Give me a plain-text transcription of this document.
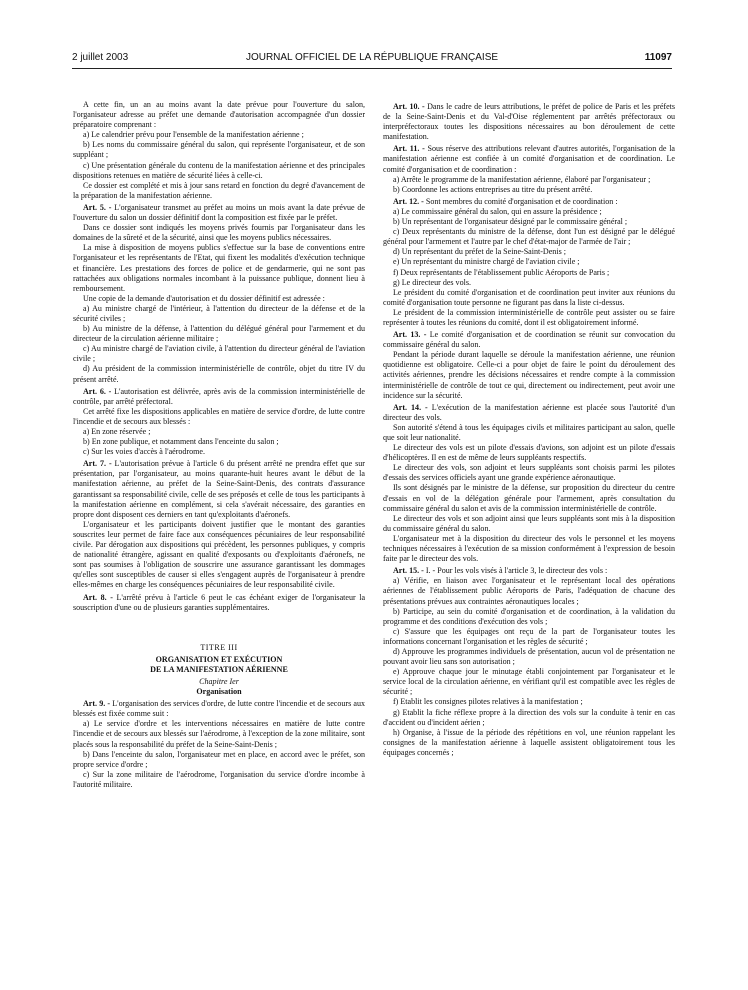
2 juillet 2003	JOURNAL OFFICIEL DE LA RÉPUBLIQUE FRANÇAISE	11097

A cette fin, un an au moins avant la date prévue pour l'ouverture du salon, l'organisateur adresse au préfet une demande d'autorisation accompagnée d'un dossier préparatoire comprenant :

a) Le calendrier prévu pour l'ensemble de la manifestation aérienne ;

b) Les noms du commissaire général du salon, qui représente l'organisateur, et de son suppléant ;

c) Une présentation générale du contenu de la manifestation aérienne et des principales dispositions retenues en matière de sécurité liées à celle-ci.

Ce dossier est complété et mis à jour sans retard en fonction du degré d'avancement de la préparation de la manifestation aérienne.

Art. 5. - L'organisateur transmet au préfet au moins un mois avant la date prévue de l'ouverture du salon un dossier définitif dont la composition est fixée par le préfet.

Dans ce dossier sont indiqués les moyens privés fournis par l'organisateur dans les domaines de la sûreté et de la sécurité, ainsi que les moyens publics nécessaires.

La mise à disposition de moyens publics s'effectue sur la base de conventions entre l'organisateur et les représentants de l'Etat, qui fixent les modalités d'exécution technique et financière. Les prestations des forces de police et de gendarmerie, qui ne sont pas rattachées aux obligations normales incombant à la puissance publique, donnent lieu à remboursement.

Une copie de la demande d'autorisation et du dossier définitif est adressée :

a) Au ministre chargé de l'intérieur, à l'attention du directeur de la défense et de la sécurité civiles ;

b) Au ministre de la défense, à l'attention du délégué général pour l'armement et du directeur de la circulation aérienne militaire ;

c) Au ministre chargé de l'aviation civile, à l'attention du directeur général de l'aviation civile ;

d) Au président de la commission interministérielle de contrôle, objet du titre IV du présent arrêté.

Art. 6. - L'autorisation est délivrée, après avis de la commission interministérielle de contrôle, par arrêté préfectoral.

Cet arrêté fixe les dispositions applicables en matière de service d'ordre, de lutte contre l'incendie et de secours aux blessés :

a) En zone réservée ;

b) En zone publique, et notamment dans l'enceinte du salon ;

c) Sur les voies d'accès à l'aérodrome.

Art. 7. - L'autorisation prévue à l'article 6 du présent arrêté ne prendra effet que sur présentation, par l'organisateur, au moins quarante-huit heures avant le début de la manifestation aérienne, au préfet de la Seine-Saint-Denis, des contrats d'assurance garantissant sa responsabilité civile, celle de ses préposés et celle de tous les participants à la manifestation aérienne en complément, si cela s'avérait nécessaire, des garanties en propre dont disposent ces derniers en tant qu'exploitants d'aéronefs.

L'organisateur et les participants doivent justifier que le montant des garanties souscrites leur permet de faire face aux conséquences pécuniaires de leur responsabilité civile. Par dérogation aux dispositions qui précèdent, les personnes publiques, y compris de nationalité étrangère, agissant en qualité d'exposants ou d'exploitants d'aéronefs, ne sont pas soumises à l'obligation de souscrire une assurance garantissant les dommages qu'elles sont susceptibles de causer si elles s'engagent auprès de l'organisateur à prendre elles-mêmes en charge les conséquences pécuniaires de leur responsabilité civile.

Art. 8. - L'arrêté prévu à l'article 6 peut le cas échéant exiger de l'organisateur la souscription d'une ou de plusieurs garanties supplémentaires.

TITRE III

ORGANISATION ET EXÉCUTION

DE LA MANIFESTATION AÉRIENNE

Chapitre Ier

Organisation

Art. 9. - L'organisation des services d'ordre, de lutte contre l'incendie et de secours aux blessés est fixée comme suit :

a) Le service d'ordre et les interventions nécessaires en matière de lutte contre l'incendie et de secours aux blessés sur l'aérodrome, à l'exception de la zone militaire, sont placés sous la responsabilité du préfet de la Seine-Saint-Denis ;

b) Dans l'enceinte du salon, l'organisateur met en place, en accord avec le préfet, son propre service d'ordre ;

c) Sur la zone militaire de l'aérodrome, l'organisation du service d'ordre incombe à l'autorité militaire.

Art. 10. - Dans le cadre de leurs attributions, le préfet de police de Paris et les préfets de la Seine-Saint-Denis et du Val-d'Oise réglementent par arrêtés préfectoraux ou interpréfectoraux toutes les dispositions nécessaires au bon déroulement de cette manifestation.

Art. 11. - Sous réserve des attributions relevant d'autres autorités, l'organisation de la manifestation aérienne est confiée à un comité d'organisation et de coordination. Le comité d'organisation et de coordination :

a) Arrête le programme de la manifestation aérienne, élaboré par l'organisateur ;

b) Coordonne les actions entreprises au titre du présent arrêté.

Art. 12. - Sont membres du comité d'organisation et de coordination :

a) Le commissaire général du salon, qui en assure la présidence ;

b) Un représentant de l'organisateur désigné par le commissaire général ;

c) Deux représentants du ministre de la défense, dont l'un est désigné par le délégué général pour l'armement et l'autre par le chef d'état-major de l'armée de l'air ;

d) Un représentant du préfet de la Seine-Saint-Denis ;

e) Un représentant du ministre chargé de l'aviation civile ;

f) Deux représentants de l'établissement public Aéroports de Paris ;

g) Le directeur des vols.

Le président du comité d'organisation et de coordination peut inviter aux réunions du comité d'organisation toute personne ne figurant pas dans la liste ci-dessus.

Le président de la commission interministérielle de contrôle peut assister ou se faire représenter à toutes les réunions du comité, dont il est obligatoirement informé.

Art. 13. - Le comité d'organisation et de coordination se réunit sur convocation du commissaire général du salon.

Pendant la période durant laquelle se déroule la manifestation aérienne, une réunion quotidienne est obligatoire. Celle-ci a pour objet de faire le point du déroulement des activités aériennes, prendre les décisions nécessaires et rendre compte à la commission interministérielle de contrôle de tout ce qui, directement ou indirectement, peut avoir une incidence sur la sécurité.

Art. 14. - L'exécution de la manifestation aérienne est placée sous l'autorité d'un directeur des vols.

Son autorité s'étend à tous les équipages civils et militaires participant au salon, quelle que soit leur nationalité.

Le directeur des vols est un pilote d'essais d'avions, son adjoint est un pilote d'essais d'hélicoptères. Il en est de même de leurs suppléants respectifs.

Le directeur des vols, son adjoint et leurs suppléants sont choisis parmi les pilotes d'essais des services officiels ayant une grande expérience aéronautique.

Ils sont désignés par le ministre de la défense, sur proposition du directeur du centre d'essais en vol de la délégation générale pour l'armement, après consultation du commissaire général du salon et avis de la commission interministérielle de contrôle.

Le directeur des vols et son adjoint ainsi que leurs suppléants sont mis à la disposition du commissaire général du salon.

L'organisateur met à la disposition du directeur des vols le personnel et les moyens techniques nécessaires à l'exécution de sa mission conformément à l'expression de besoin faite par le directeur des vols.

Art. 15. - I. - Pour les vols visés à l'article 3, le directeur des vols :

a) Vérifie, en liaison avec l'organisateur et le représentant local des opérations aériennes de l'établissement public Aéroports de Paris, l'adéquation de chacune des présentations prévues aux contraintes aéronautiques locales ;

b) Participe, au sein du comité d'organisation et de coordination, à la validation du programme et des conditions d'exécution des vols ;

c) S'assure que les équipages ont reçu de la part de l'organisateur toutes les informations concernant l'organisation et les règles de sécurité ;

d) Approuve les programmes individuels de présentation, aucun vol de présentation ne pouvant avoir lieu sans son autorisation ;

e) Approuve chaque jour le minutage établi conjointement par l'organisateur et le service local de la circulation aérienne, en vérifiant qu'il est compatible avec les règles de sécurité ;

f) Etablit les consignes pilotes relatives à la manifestation ;

g) Etablit la fiche réflexe propre à la direction des vols sur la conduite à tenir en cas d'accident ou d'incident aérien ;

h) Organise, à l'issue de la période des répétitions en vol, une réunion rappelant les consignes de la manifestation aérienne à laquelle assistent obligatoirement tous les équipages concernés ;
